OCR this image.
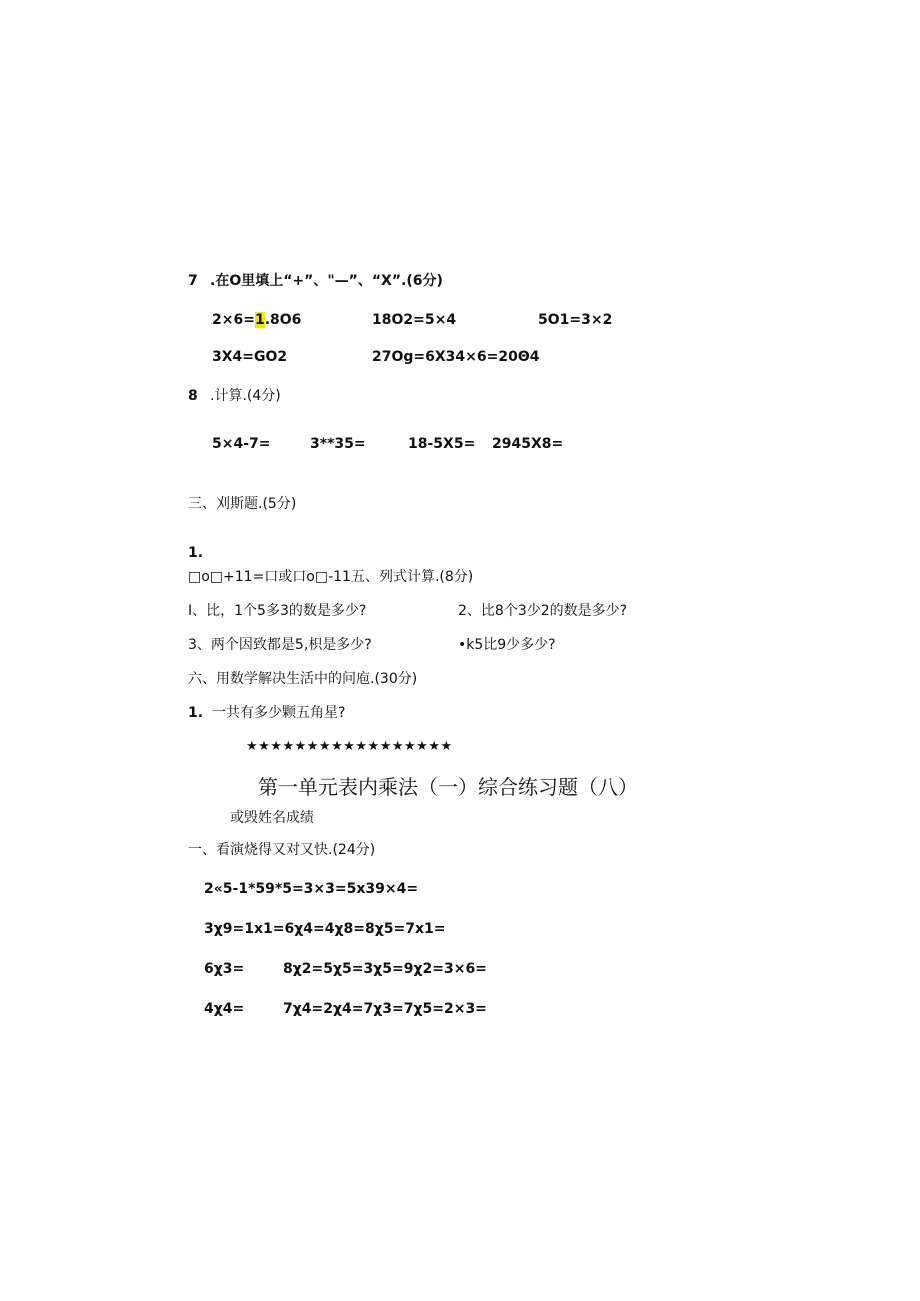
7 .在O里填上“+”、"—”、“X”.(6分)
2×6=1.8O6	18O2=5×4	5O1=3×2
3X4=GO2	27Og=6X34×6=20Θ4
8 .计算.(4分)
5×4-7=	3**35=	18-5X5= 2945X8=
三、刈斯题.(5分)
1.
□o□+11=口或口o□-11五、列式计算.(8分)
I、比，1个5多3的数是多少?	2、比8个3少2的数是多少?
3、两个因致都是5,枳是多少?	•k5比9少多少?
六、用数学解决生活中的问庖.(30分)
1. 一共有多少颗五角星?
★★★★★★★★★★★★★★★★★
第一单元表内乘法（一）综合练习题（八）
或毁姓名成绩
一、看演烧得又对又快.(24分)
2«5-1*59*5=3×3=5x39×4=
3χ9=1x1=6χ4=4χ8=8χ5=7x1=
6χ3=	8χ2=5χ5=3χ5=9χ2=3×6=
4χ4=	7χ4=2χ4=7χ3=7χ5=2×3=
